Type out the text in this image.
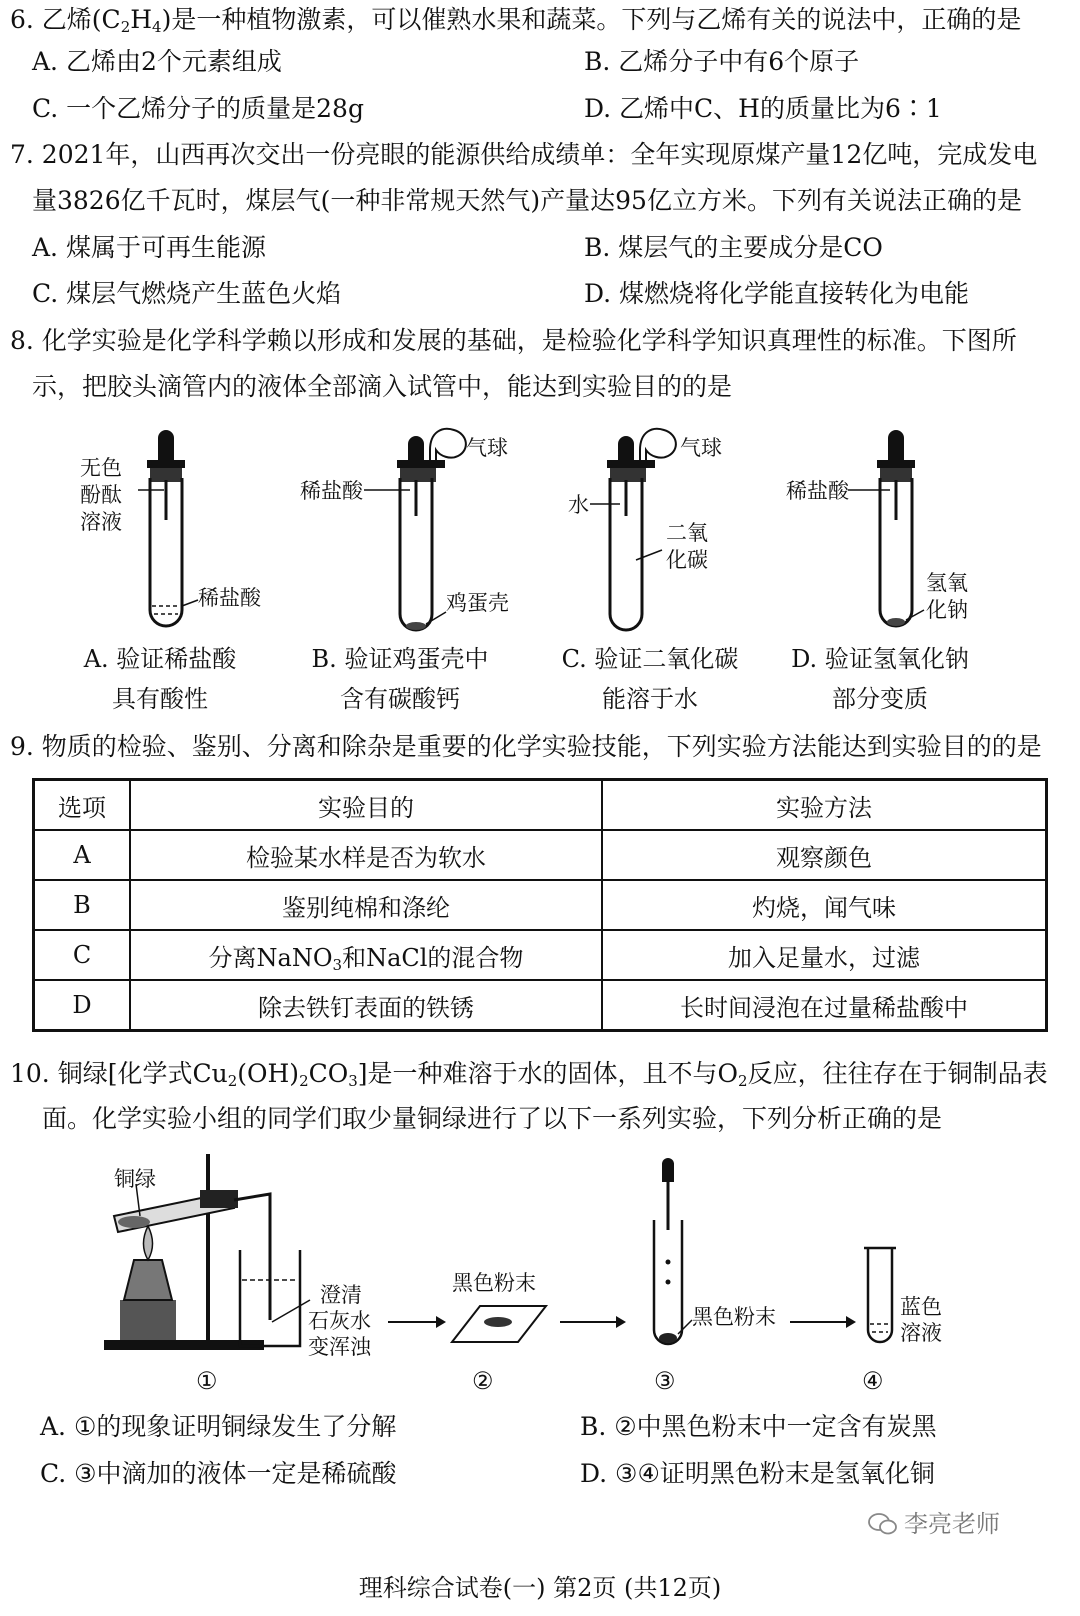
6. 乙烯$(C_2H_4)$是一种植物激素，可以催熟水果和蔬菜。下列与乙烯有关的说法中，正确的是
A. 乙烯由2个元素组成	B. 乙烯分子中有6个原子
C. 一个乙烯分子的质量是28g	D. 乙烯中C、H的质量比为6∶1
7. 2021年，山西再次交出一份亮眼的能源供给成绩单：全年实现原煤产量12亿吨，完成发电
量3826亿千瓦时，煤层气(一种非常规天然气)产量达95亿立方米。下列有关说法正确的是
A. 煤属于可再生能源	B. 煤层气的主要成分是CO
C. 煤层气燃烧产生蓝色火焰	D. 煤燃烧将化学能直接转化为电能
8. 化学实验是化学科学赖以形成和发展的基础，是检验化学科学知识真理性的标准。下图所
示，把胶头滴管内的液体全部滴入试管中，能达到实验目的的是
无色
酚酞
溶液
稀盐酸
A. 验证稀盐酸
具有酸性
稀盐酸
气球
鸡蛋壳
B. 验证鸡蛋壳中
含有碳酸钙
水
气球
二氧
化碳
C. 验证二氧化碳
能溶于水
稀盐酸
氢氧
化钠
D. 验证氢氧化钠
部分变质
9. 物质的检验、鉴别、分离和除杂是重要的化学实验技能，下列实验方法能达到实验目的的是
选项	实验目的	实验方法
A	检验某水样是否为软水	观察颜色
B	鉴别纯棉和涤纶	灼烧，闻气味
C	分离NaNO$_3$和NaCl的混合物	加入足量水，过滤
D	除去铁钉表面的铁锈	长时间浸泡在过量稀盐酸中
10. 铜绿[化学式$Cu_2(OH)_2CO_3$]是一种难溶于水的固体，且不与$O_2$反应，往往存在于铜制品表
面。化学实验小组的同学们取少量铜绿进行了以下一系列实验，下列分析正确的是
铜绿
澄清
石灰水
变浑浊
黑色粉末
黑色粉末	蓝色
溶液
①	②	③	④
A. ①的现象证明铜绿发生了分解	B. ②中黑色粉末中一定含有炭黑
C. ③中滴加的液体一定是稀硫酸	D. ③④证明黑色粉末是氢氧化铜
李亮老师
理科综合试卷(一) 第2页 (共12页)
